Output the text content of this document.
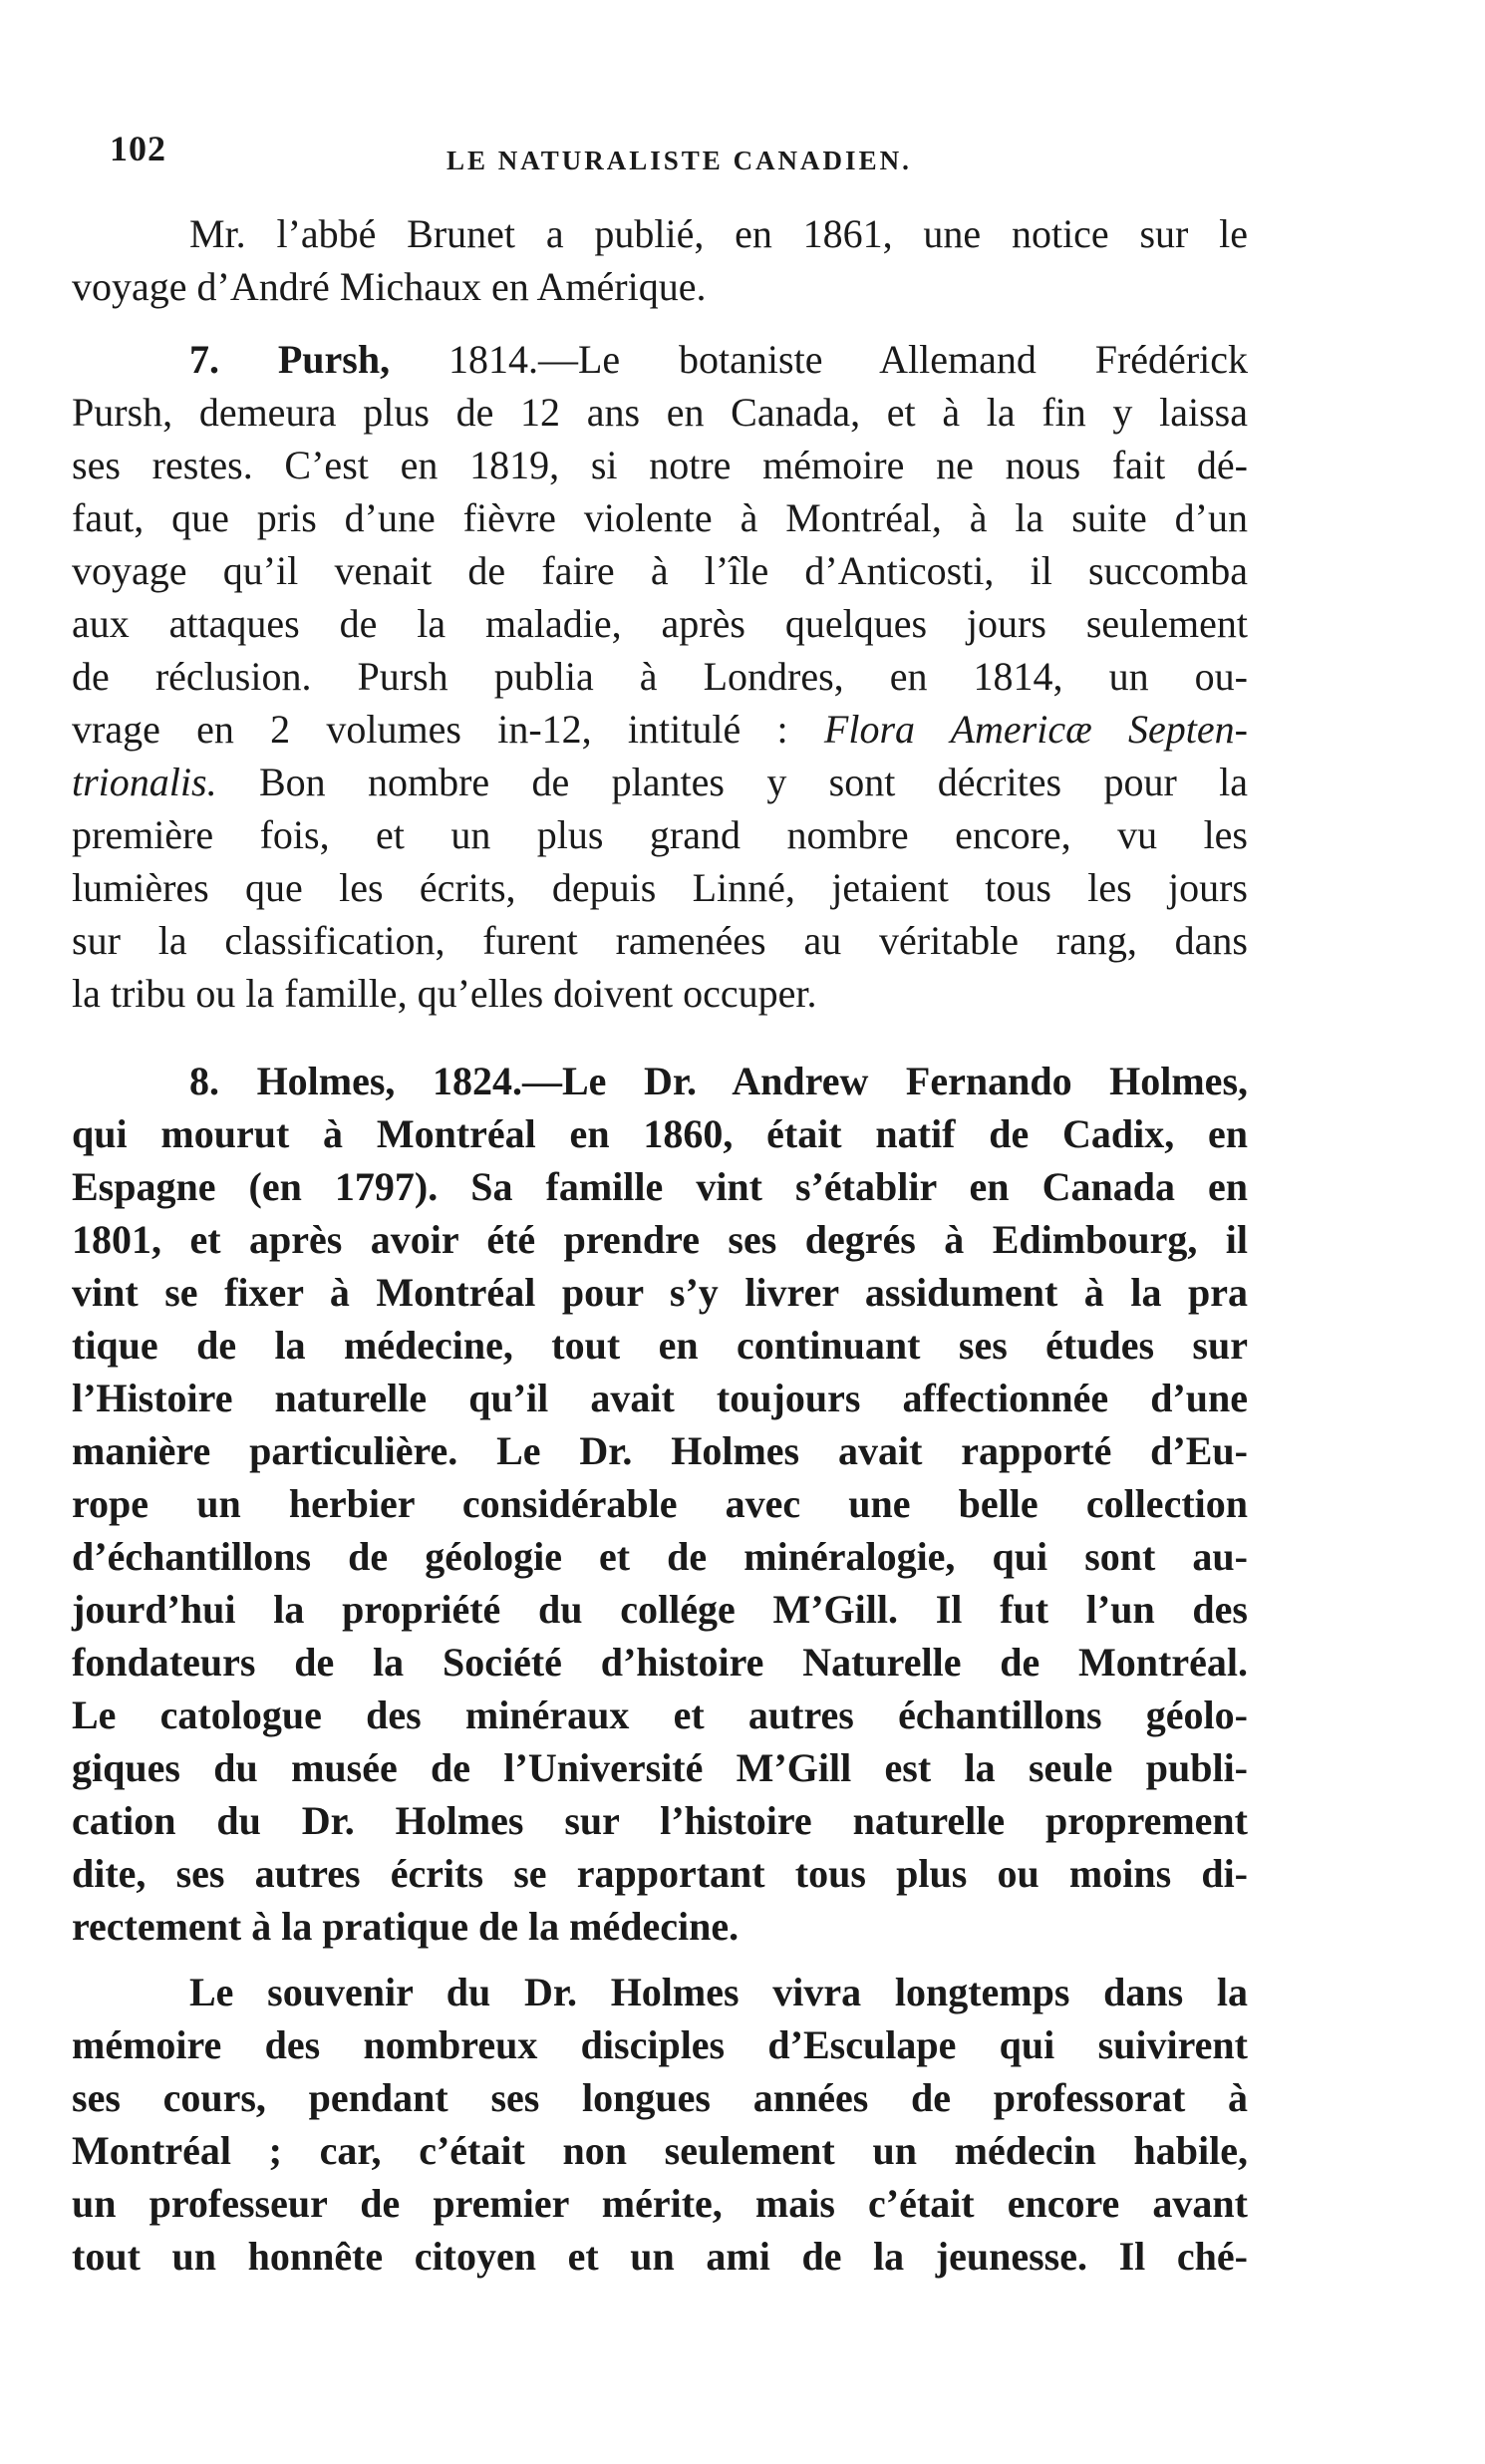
102	LE NATURALISTE CANADIEN.
Mr. l’abbé Brunet a publié, en 1861, une notice sur le
voyage d’André Michaux en Amérique.
7. Pursh, 1814.—Le botaniste Allemand Frédérick
Pursh, demeura plus de 12 ans en Canada, et à la fin y laissa
ses restes. C’est en 1819, si notre mémoire ne nous fait dé-
faut, que pris d’une fièvre violente à Montréal, à la suite d’un
voyage qu’il venait de faire à l’île d’Anticosti, il succomba
aux attaques de la maladie, après quelques jours seulement
de réclusion. Pursh publia à Londres, en 1814, un ou-
vrage en 2 volumes in-12, intitulé : Flora Americæ Septen-
trionalis. Bon nombre de plantes y sont décrites pour la
première fois, et un plus grand nombre encore, vu les
lumières que les écrits, depuis Linné, jetaient tous les jours
sur la classification, furent ramenées au véritable rang, dans
la tribu ou la famille, qu’elles doivent occuper.
8. Holmes, 1824.—Le Dr. Andrew Fernando Holmes,
qui mourut à Montréal en 1860, était natif de Cadix, en
Espagne (en 1797). Sa famille vint s’établir en Canada en
1801, et après avoir été prendre ses degrés à Edimbourg, il
vint se fixer à Montréal pour s’y livrer assidument à la pra
tique de la médecine, tout en continuant ses études sur
l’Histoire naturelle qu’il avait toujours affectionnée d’une
manière particulière. Le Dr. Holmes avait rapporté d’Eu-
rope un herbier considérable avec une belle collection
d’échantillons de géologie et de minéralogie, qui sont au-
jourd’hui la propriété du collége M’Gill. Il fut l’un des
fondateurs de la Société d’histoire Naturelle de Montréal.
Le catologue des minéraux et autres échantillons géolo-
giques du musée de l’Université M’Gill est la seule publi-
cation du Dr. Holmes sur l’histoire naturelle proprement
dite, ses autres écrits se rapportant tous plus ou moins di-
rectement à la pratique de la médecine.
Le souvenir du Dr. Holmes vivra longtemps dans la
mémoire des nombreux disciples d’Esculape qui suivirent
ses cours, pendant ses longues années de professorat à
Montréal ; car, c’était non seulement un médecin habile,
un professeur de premier mérite, mais c’était encore avant
tout un honnête citoyen et un ami de la jeunesse. Il ché-
